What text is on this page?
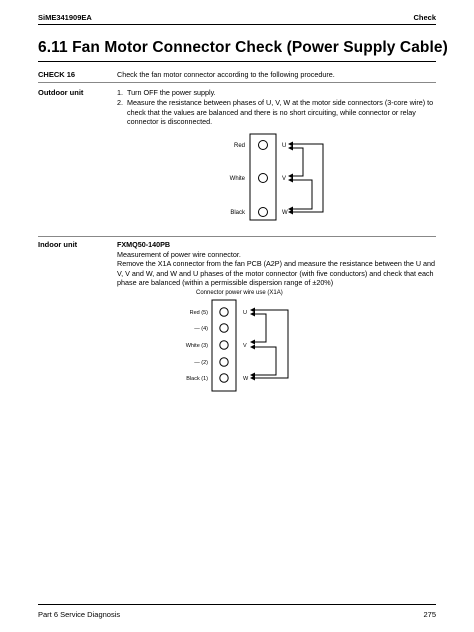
SiME341909EA	Check
6.11 Fan Motor Connector Check (Power Supply Cable)
CHECK 16	Check the fan motor connector according to the following procedure.
Outdoor unit	1. Turn OFF the power supply.
2. Measure the resistance between phases of U, V, W at the motor side connectors (3-core wire) to check that the values are balanced and there is no short circuiting, while connector or relay connector is disconnected.
Red
White
Black
U
V
W
Indoor unit	FXMQ50-140PB
Measurement of power wire connector.
Remove the X1A connector from the fan PCB (A2P) and measure the resistance between the U and V, V and W, and W and U phases of the motor connector (with five conductors) and check that each phase are balanced (within a permissible dispersion range of ±20%)
Connector power wire use (X1A)
Red (5)
— (4)
White (3)
— (2)
Black (1)
U
V
W
Part 6 Service Diagnosis	275
